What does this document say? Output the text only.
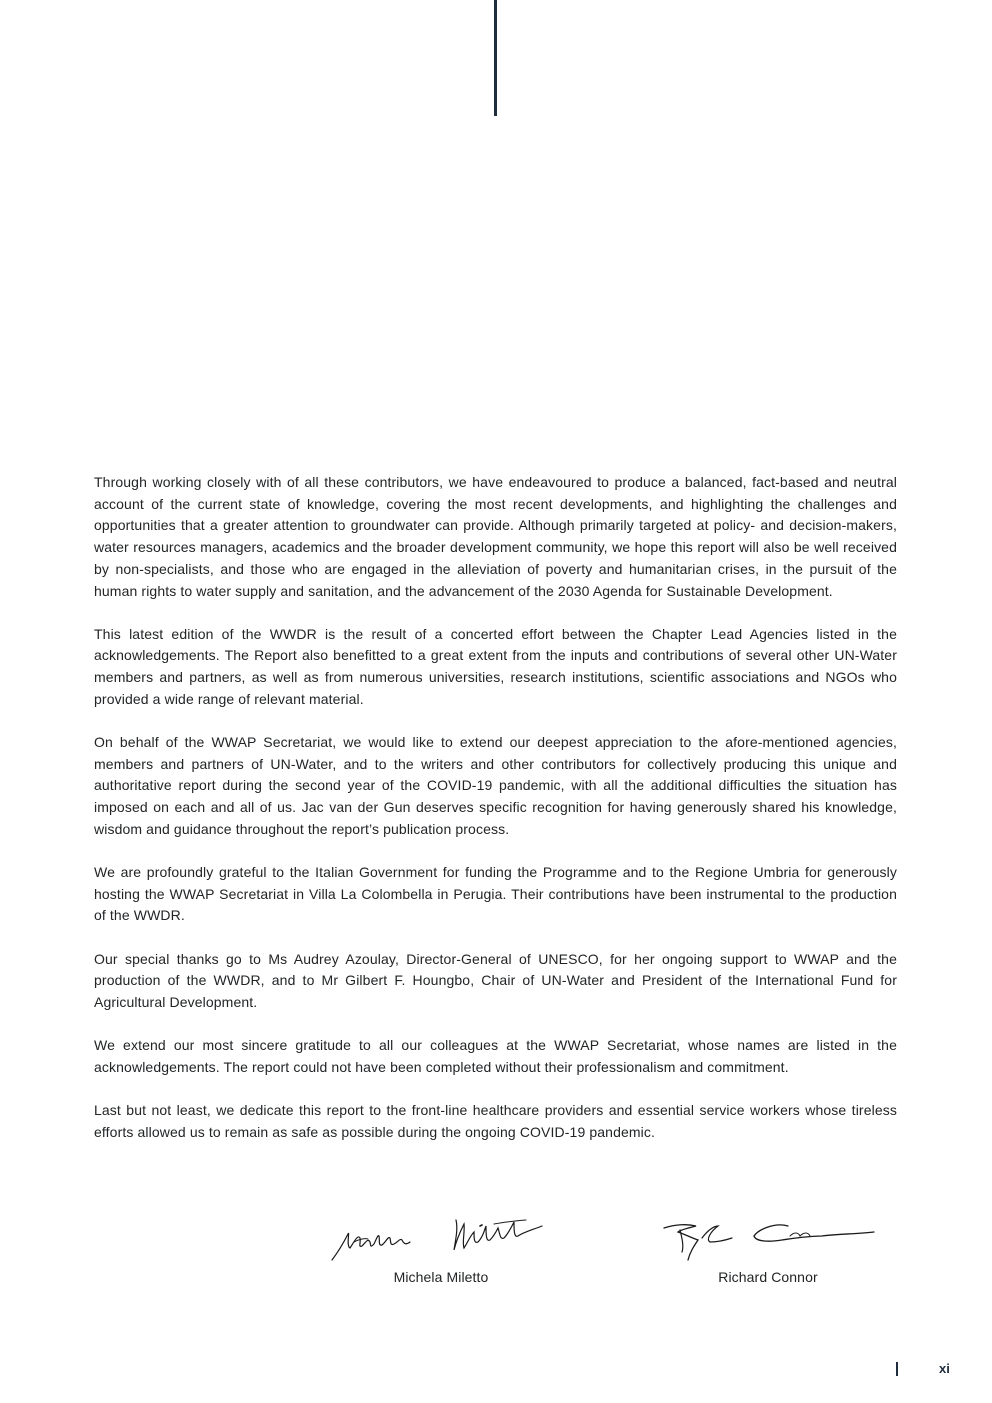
Through working closely with of all these contributors, we have endeavoured to produce a balanced, fact-based and neutral account of the current state of knowledge, covering the most recent developments, and highlighting the challenges and opportunities that a greater attention to groundwater can provide. Although primarily targeted at policy- and decision-makers, water resources managers, academics and the broader development community, we hope this report will also be well received by non-specialists, and those who are engaged in the alleviation of poverty and humanitarian crises, in the pursuit of the human rights to water supply and sanitation, and the advancement of the 2030 Agenda for Sustainable Development.

This latest edition of the WWDR is the result of a concerted effort between the Chapter Lead Agencies listed in the acknowledgements. The Report also benefitted to a great extent from the inputs and contributions of several other UN-Water members and partners, as well as from numerous universities, research institutions, scientific associations and NGOs who provided a wide range of relevant material.

On behalf of the WWAP Secretariat, we would like to extend our deepest appreciation to the afore-mentioned agencies, members and partners of UN-Water, and to the writers and other contributors for collectively producing this unique and authoritative report during the second year of the COVID-19 pandemic, with all the additional difficulties the situation has imposed on each and all of us. Jac van der Gun deserves specific recognition for having generously shared his knowledge, wisdom and guidance throughout the report’s publication process.

We are profoundly grateful to the Italian Government for funding the Programme and to the Regione Umbria for generously hosting the WWAP Secretariat in Villa La Colombella in Perugia. Their contributions have been instrumental to the production of the WWDR.

Our special thanks go to Ms Audrey Azoulay, Director-General of UNESCO, for her ongoing support to WWAP and the production of the WWDR, and to Mr Gilbert F. Houngbo, Chair of UN-Water and President of the International Fund for Agricultural Development.

We extend our most sincere gratitude to all our colleagues at the WWAP Secretariat, whose names are listed in the acknowledgements. The report could not have been completed without their professionalism and commitment.

Last but not least, we dedicate this report to the front-line healthcare providers and essential service workers whose tireless efforts allowed us to remain as safe as possible during the ongoing COVID-19 pandemic.

Michela Miletto	Richard Connor
xi
